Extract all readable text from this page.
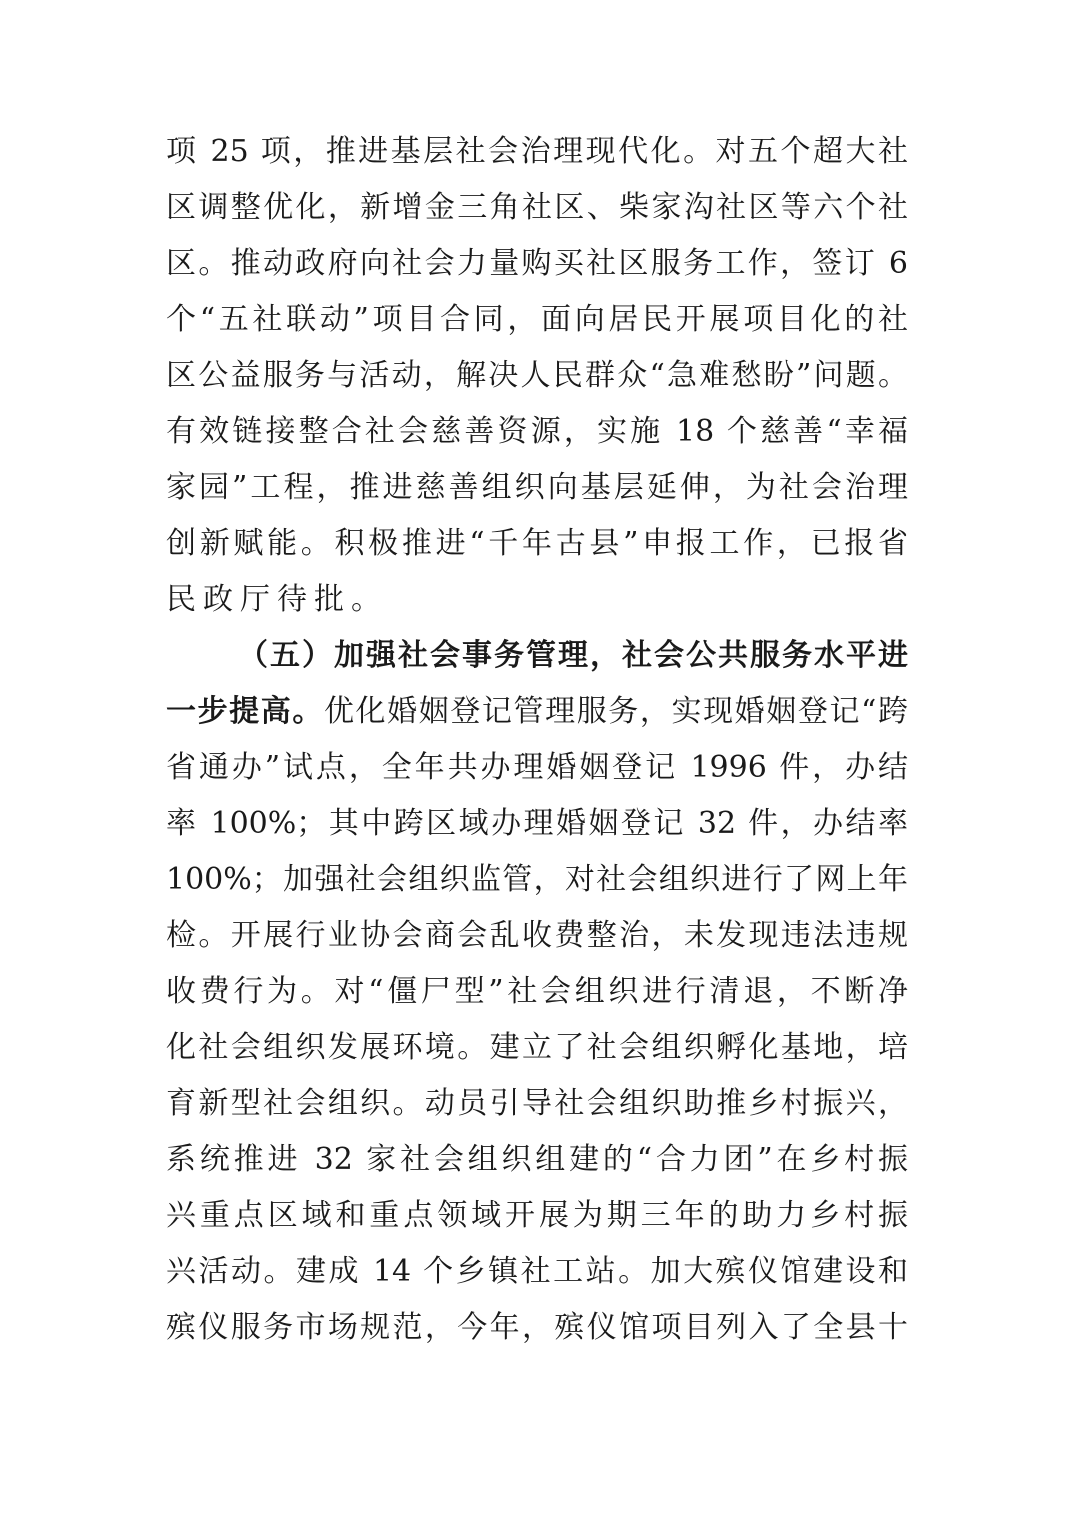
项 25 项，推进基层社会治理现代化。对五个超大社
区调整优化，新增金三角社区、柴家沟社区等六个社
区。推动政府向社会力量购买社区服务工作，签订 6
个“五社联动”项目合同，面向居民开展项目化的社
区公益服务与活动，解决人民群众“急难愁盼”问题。
有效链接整合社会慈善资源，实施 18 个慈善“幸福
家园”工程，推进慈善组织向基层延伸，为社会治理
创新赋能。积极推进“千年古县”申报工作，已报省
民政厅待批。
（五）加强社会事务管理，社会公共服务水平进
一步提高。优化婚姻登记管理服务，实现婚姻登记“跨
省通办”试点，全年共办理婚姻登记 1996 件，办结
率 100%；其中跨区域办理婚姻登记 32 件，办结率
100%；加强社会组织监管，对社会组织进行了网上年
检。开展行业协会商会乱收费整治，未发现违法违规
收费行为。对“僵尸型”社会组织进行清退，不断净
化社会组织发展环境。建立了社会组织孵化基地，培
育新型社会组织。动员引导社会组织助推乡村振兴，
系统推进 32 家社会组织组建的“合力团”在乡村振
兴重点区域和重点领域开展为期三年的助力乡村振
兴活动。建成 14 个乡镇社工站。加大殡仪馆建设和
殡仪服务市场规范，今年，殡仪馆项目列入了全县十
